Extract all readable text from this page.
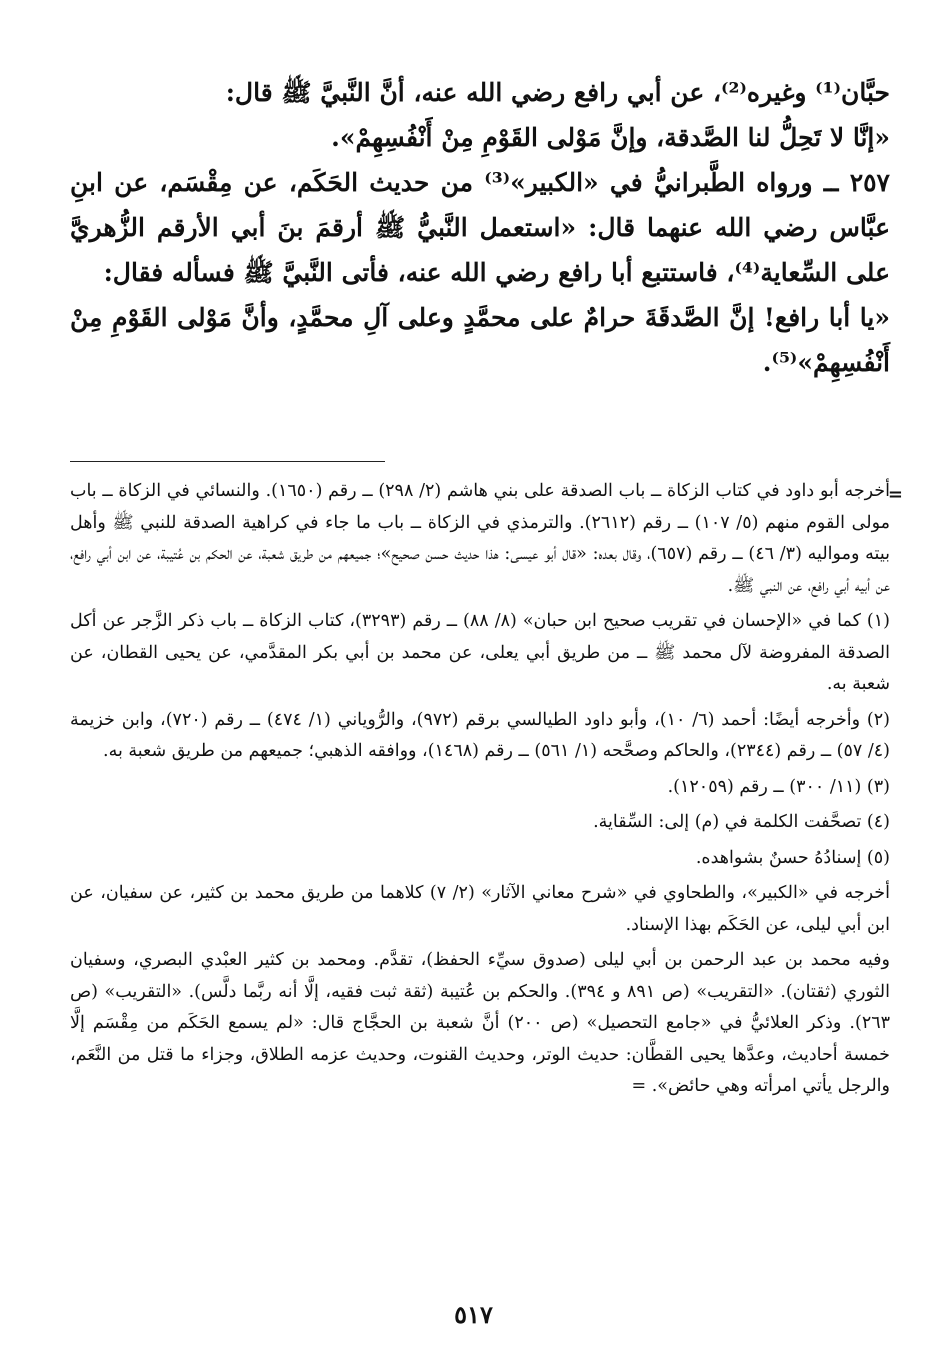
حبَّان⁽¹⁾ وغيره⁽²⁾، عن أبي رافع رضي الله عنه، أنَّ النَّبيَّ ﷺ قال:

«إنَّا لا تَحِلُّ لنا الصَّدقة، وإنَّ مَوْلى القَوْمِ مِنْ أَنْفُسِهِمْ».

٢٥٧ ــ ورواه الطَّبرانيُّ في «الكبير»⁽³⁾ من حديث الحَكَم، عن مِقْسَم، عن ابنِ عبَّاس رضي الله عنهما قال: «استعمل النَّبيُّ ﷺ أرقمَ بنَ أبي الأرقم الزُّهريَّ على السِّعاية⁽⁴⁾، فاستتبع أبا رافع رضي الله عنه، فأتى النَّبيَّ ﷺ فسأله فقال:

«يا أبا رافع! إنَّ الصَّدقَةَ حرامٌ على محمَّدٍ وعلى آلِ محمَّدٍ، وأنَّ مَوْلى القَوْمِ مِنْ أَنْفُسِهِمْ»⁽⁵⁾.

=

أخرجه أبو داود في كتاب الزكاة ــ باب الصدقة على بني هاشم (٢/ ٢٩٨) ــ رقم (١٦٥٠). والنسائي في الزكاة ــ باب مولى القوم منهم (٥/ ١٠٧) ــ رقم (٢٦١٢). والترمذي في الزكاة ــ باب ما جاء في كراهية الصدقة للنبي ﷺ وأهل بيته ومواليه (٣/ ٤٦) ــ رقم (٦٥٧)، وقال بعده: «قال أبو عيسى: هذا حديث حسن صحيح»؛ جميعهم من طريق شعبة، عن الحكم بن عُتيبة، عن ابن أبي رافع، عن أبيه أبي رافع، عن النبي ﷺ.

(١) كما في «الإحسان في تقريب صحيح ابن حبان» (٨/ ٨٨) ــ رقم (٣٢٩٣)، كتاب الزكاة ــ باب ذكر الزَّجر عن أكل الصدقة المفروضة لآل محمد ﷺ ــ من طريق أبي يعلى، عن محمد بن أبي بكر المقدَّمي، عن يحيى القطان، عن شعبة به.

(٢) وأخرجه أيضًا: أحمد (٦/ ١٠)، وأبو داود الطيالسي برقم (٩٧٢)، والرُّوياني (١/ ٤٧٤) ــ رقم (٧٢٠)، وابن خزيمة (٤/ ٥٧) ــ رقم (٢٣٤٤)، والحاكم وصحَّحه (١/ ٥٦١) ــ رقم (١٤٦٨)، ووافقه الذهبي؛ جميعهم من طريق شعبة به.

(٣) (١١/ ٣٠٠) ــ رقم (١٢٠٥٩).

(٤) تصحَّفت الكلمة في (م) إلى: السِّقاية.

(٥) إسنادُهُ حسنٌ بشواهده.

أخرجه في «الكبير»، والطحاوي في «شرح معاني الآثار» (٢/ ٧) كلاهما من طريق محمد بن كثير، عن سفيان، عن ابن أبي ليلى، عن الحَكَم بهذا الإسناد.

وفيه محمد بن عبد الرحمن بن أبي ليلى (صدوق سيِّء الحفظ)، تقدَّم. ومحمد بن كثير العبْدي البصري، وسفيان الثوري (ثقتان). «التقريب» (ص ٨٩١ و ٣٩٤). والحكم بن عُتيبة (ثقة ثبت فقيه، إلَّا أنه ربَّما دلَّس). «التقريب» (ص ٢٦٣). وذكر العلائيُّ في «جامع التحصيل» (ص ٢٠٠) أنَّ شعبة بن الحجَّاج قال: «لم يسمع الحَكَم من مِقْسَم إلَّا خمسة أحاديث، وعدَّها يحيى القطَّان: حديث الوتر، وحديث القنوت، وحديث عزمه الطلاق، وجزاء ما قتل من النَّعَم، والرجل يأتي امرأته وهي حائض». =

٥١٧
